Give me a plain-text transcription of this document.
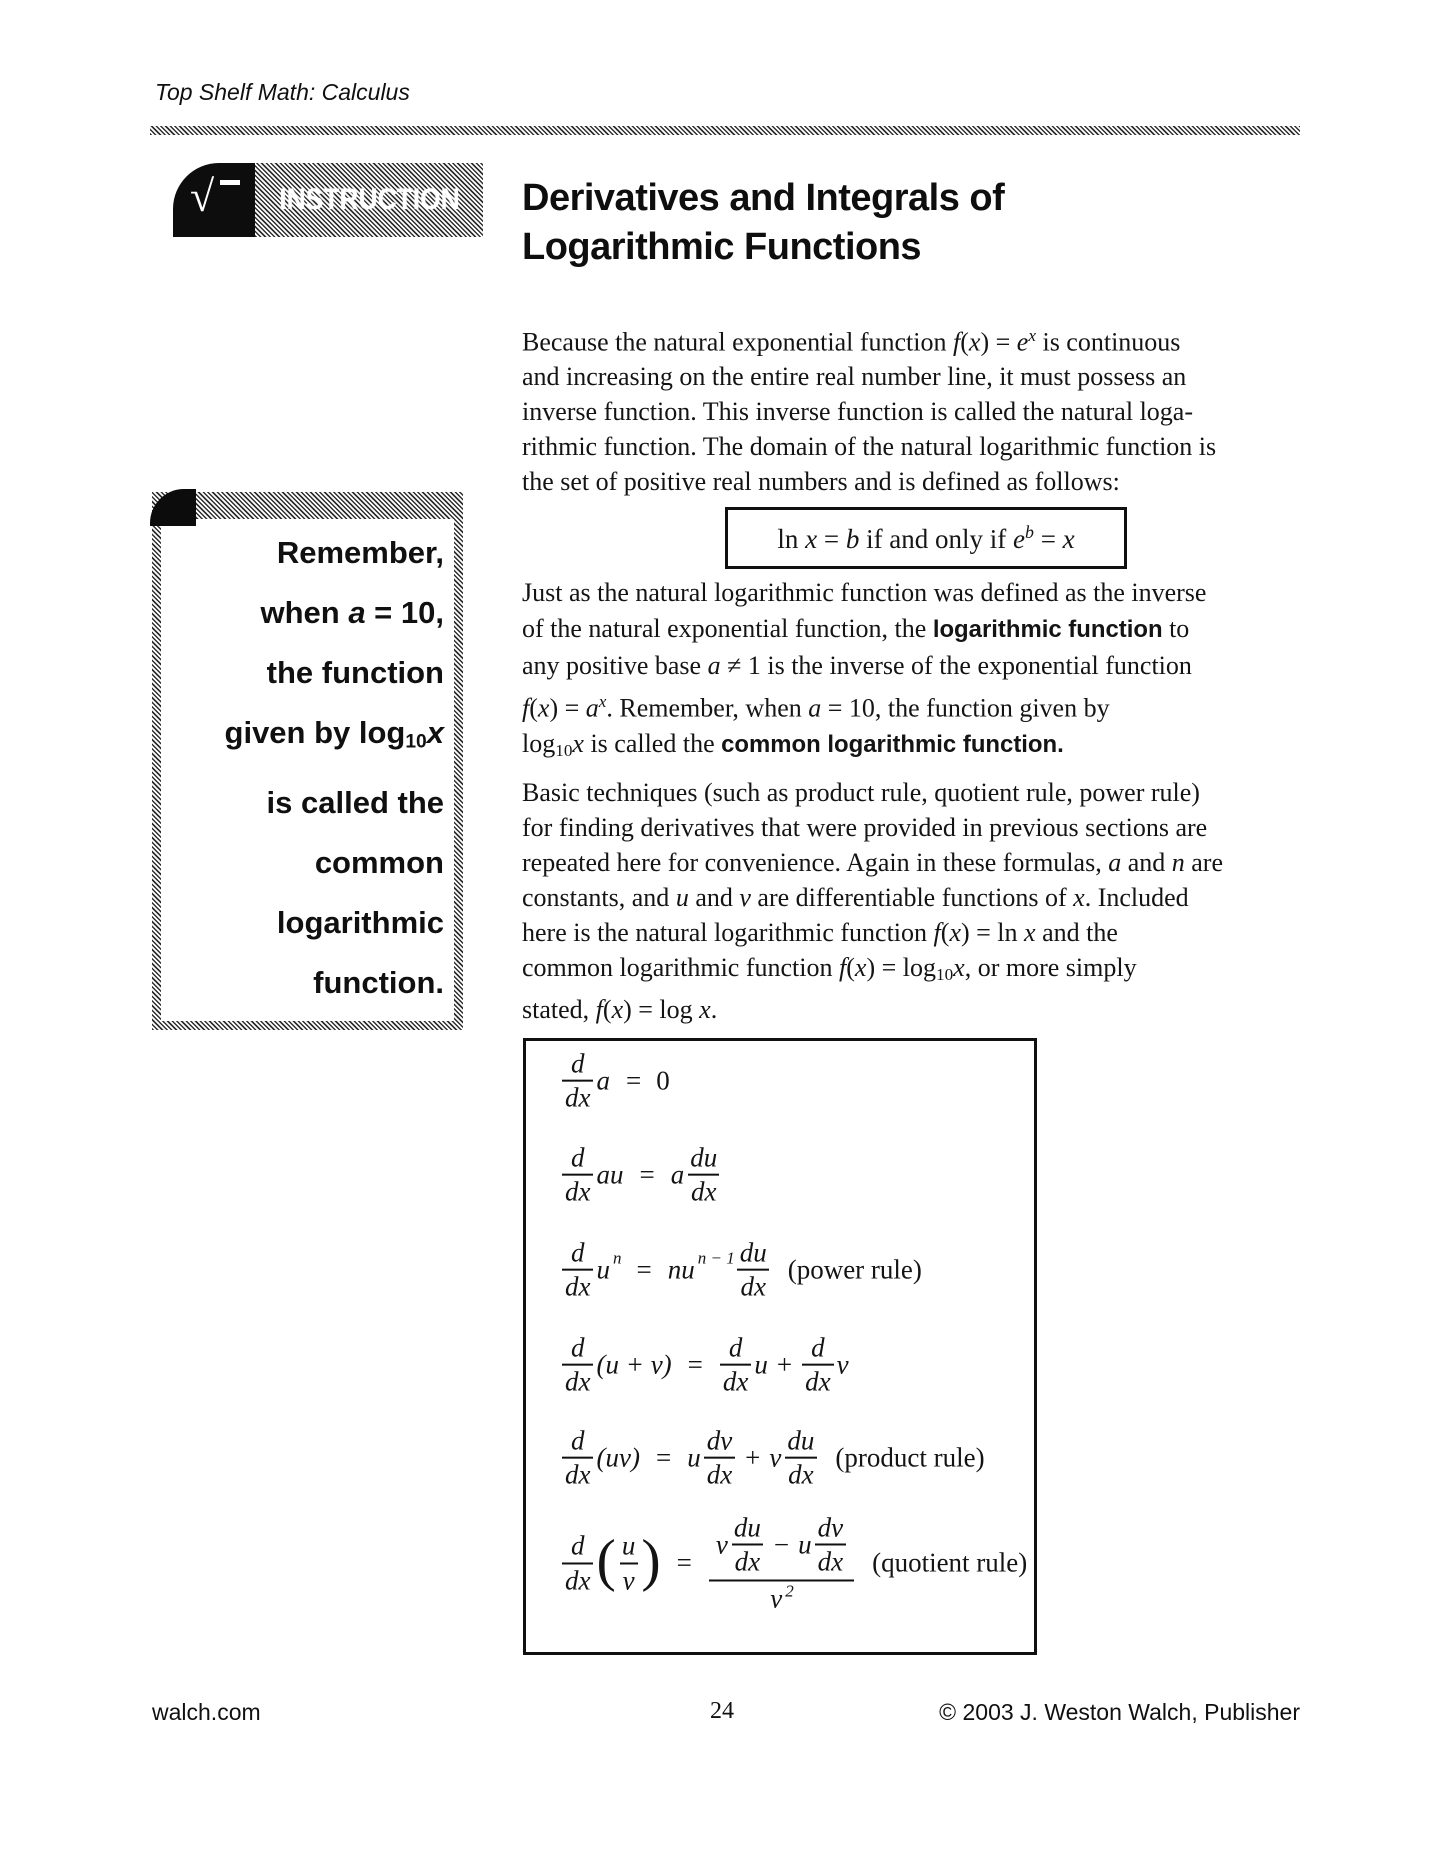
Top Shelf Math: Calculus
√ INSTRUCTION Derivatives and Integrals of
Logarithmic Functions
Remember,
when a = 10,
the function
given by log10x
is called the
common
logarithmic
function.
Because the natural exponential function $f(x) = e^x$ is continuous
and increasing on the entire real number line, it must possess an
inverse function. This inverse function is called the natural loga-
rithmic function. The domain of the natural logarithmic function is
the set of positive real numbers and is defined as follows:
ln x = b if and only if $e^b = x$
Just as the natural logarithmic function was defined as the inverse
of the natural exponential function, the logarithmic function to
any positive base a ≠ 1 is the inverse of the exponential function
$f(x) = a^x$. Remember, when a = 10, the function given by
log10x is called the common logarithmic function.
Basic techniques (such as product rule, quotient rule, power rule)
for finding derivatives that were provided in previous sections are
repeated here for convenience. Again in these formulas, a and n are
constants, and u and v are differentiable functions of x. Included
here is the natural logarithmic function f(x) = ln x and the
common logarithmic function f(x) = log10x, or more simply
stated, f(x) = log x.
$\frac{d}{dx}$ a = 0
$\frac{d}{dx}$ au = a $\frac{du}{dx}$
$\frac{d}{dx}$ u n = nu $n - 1 \frac{du}{dx}$ (power rule)
$\frac{d}{dx} (u + v) = \frac{d}{dx}$ $u + \frac{d}{dx}$ v
$\frac{d}{dx} (uv) = u \frac{dv}{dx} + v \frac{du}{dx}$ (product rule)
$\frac{d}{dx}$ ( $\frac{u}{v}$ ) =
v $\frac{du}{dx} - u \frac{dv}{dx}$
v $^2$
(quotient rule)
walch.com	24	© 2003 J. Weston Walch, Publisher
